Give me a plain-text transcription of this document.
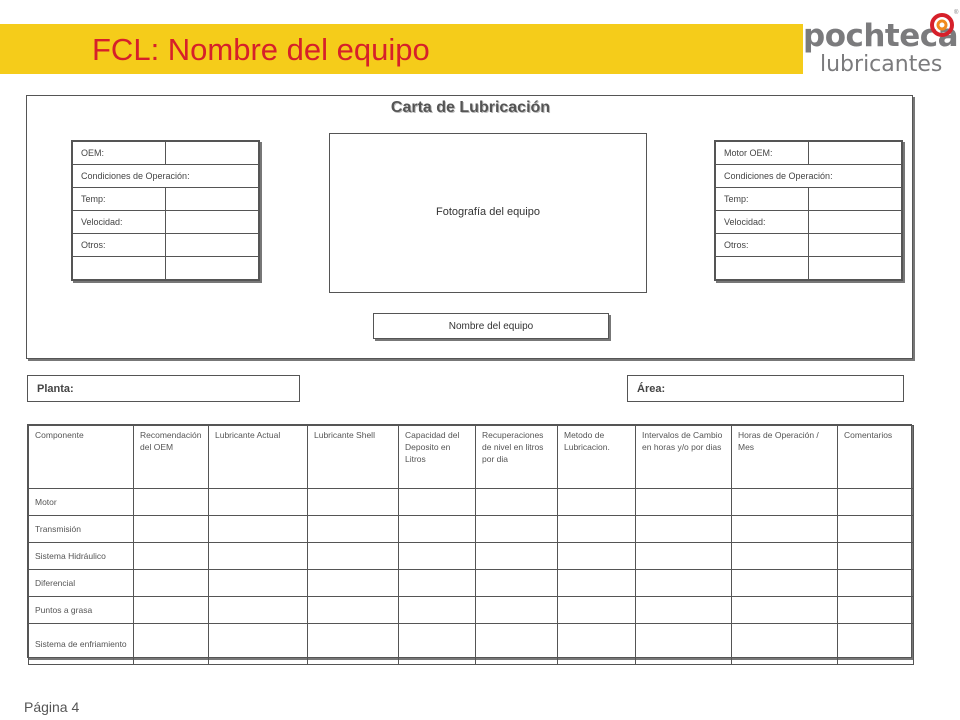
FCL: Nombre del equipo	pochteca
lubricantes
®
Carta de Lubricación
OEM:	
Condiciones de Operación:	
Temp:	
Velocidad:	
Otros:	

Fotografía del equipo
Motor OEM:	
Condiciones de Operación:	
Temp:	
Velocidad:	
Otros:	

Nombre del equipo
Planta:	Área:
Componente	Recomendación del OEM	Lubricante Actual	Lubricante Shell	Capacidad del Deposito en Litros	Recuperaciones de nivel en litros por dia	Metodo de Lubricacion.	Intervalos de Cambio en horas y/o por dias	Horas de Operación / Mes	Comentarios
Motor									
Transmisión									
Sistema Hidráulico									
Diferencial									
Puntos a grasa									
Sistema de enfriamiento									
Página 4
